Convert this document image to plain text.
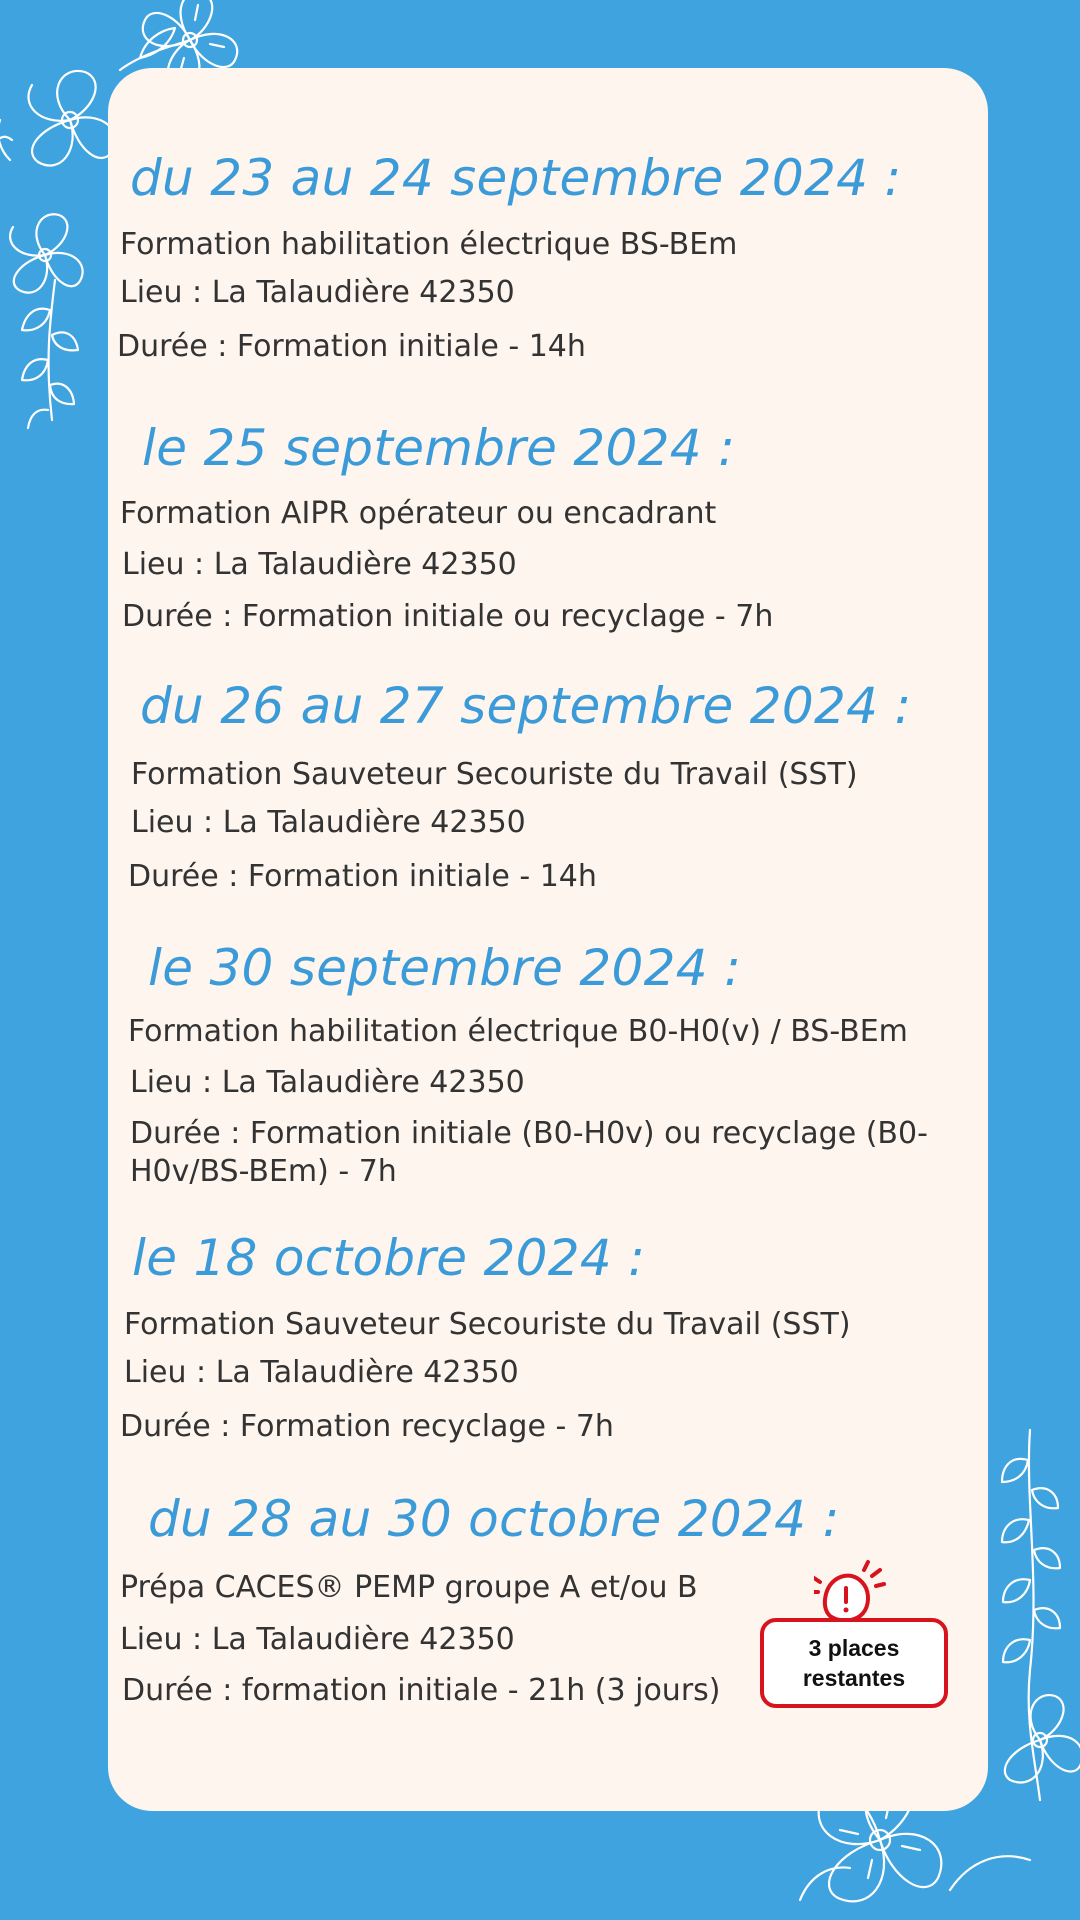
du 23 au 24 septembre 2024 :
Formation habilitation électrique BS-BEm
Lieu : La Talaudière 42350
Durée : Formation initiale - 14h
le 25 septembre 2024 :
Formation AIPR opérateur ou encadrant
Lieu : La Talaudière 42350
Durée : Formation initiale ou recyclage - 7h
du 26 au 27 septembre 2024 :
Formation Sauveteur Secouriste du Travail (SST)
Lieu : La Talaudière 42350
Durée : Formation initiale - 14h
le 30 septembre 2024 :
Formation habilitation électrique B0-H0(v) / BS-BEm
Lieu : La Talaudière 42350
Durée : Formation initiale (B0-H0v) ou recyclage (B0-H0v/BS-BEm) - 7h
le 18 octobre 2024 :
Formation Sauveteur Secouriste du Travail (SST)
Lieu : La Talaudière 42350
Durée : Formation recyclage - 7h
du 28 au 30 octobre 2024 :
Prépa CACES® PEMP groupe A et/ou B
Lieu : La Talaudière 42350
Durée : formation initiale - 21h (3 jours)
3 places
restantes
